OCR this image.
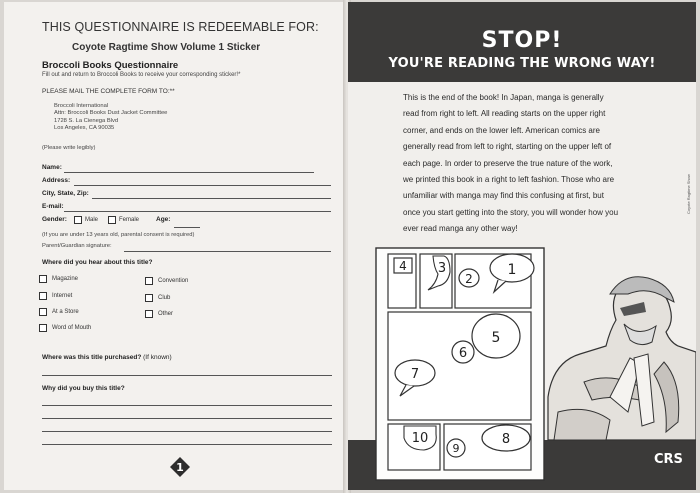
THIS QUESTIONNAIRE IS REDEEMABLE FOR:
Coyote Ragtime Show Volume 1 Sticker
Broccoli Books Questionnaire
Fill out and return to Broccoli Books to receive your corresponding sticker!*
PLEASE MAIL THE COMPLETE FORM TO:**
Broccoli International
Attn: Broccoli Books Dust Jacket Committee
1728 S. La Cienega Blvd
Los Angeles, CA 90035
(Please write legibly)
Name:
Address:
City, State, Zip:
E-mail:
Gender:	Male	Female	Age:
(If you are under 13 years old, parental consent is required)
Parent/Guardian signature:
Where did you hear about this title?
Magazine
Internet
At a Store
Word of Mouth
Convention
Club
Other
Where was this title purchased? (If known)
Why did you buy this title?
1
STOP!
YOU'RE READING THE WRONG WAY!
This is the end of the book! In Japan, manga is generally
read from right to left. All reading starts on the upper right
corner, and ends on the lower left. American comics are
generally read from left to right, starting on the upper left of
each page. In order to preserve the true nature of the work,
we printed this book in a right to left fashion. Those who are
unfamiliar with manga may find this confusing at first, but
once you start getting into the story, you will wonder how you
ever read manga any other way!
1
2
3
4
5
6
7
8
9
10
CRS
Coyote Ragtime Show
